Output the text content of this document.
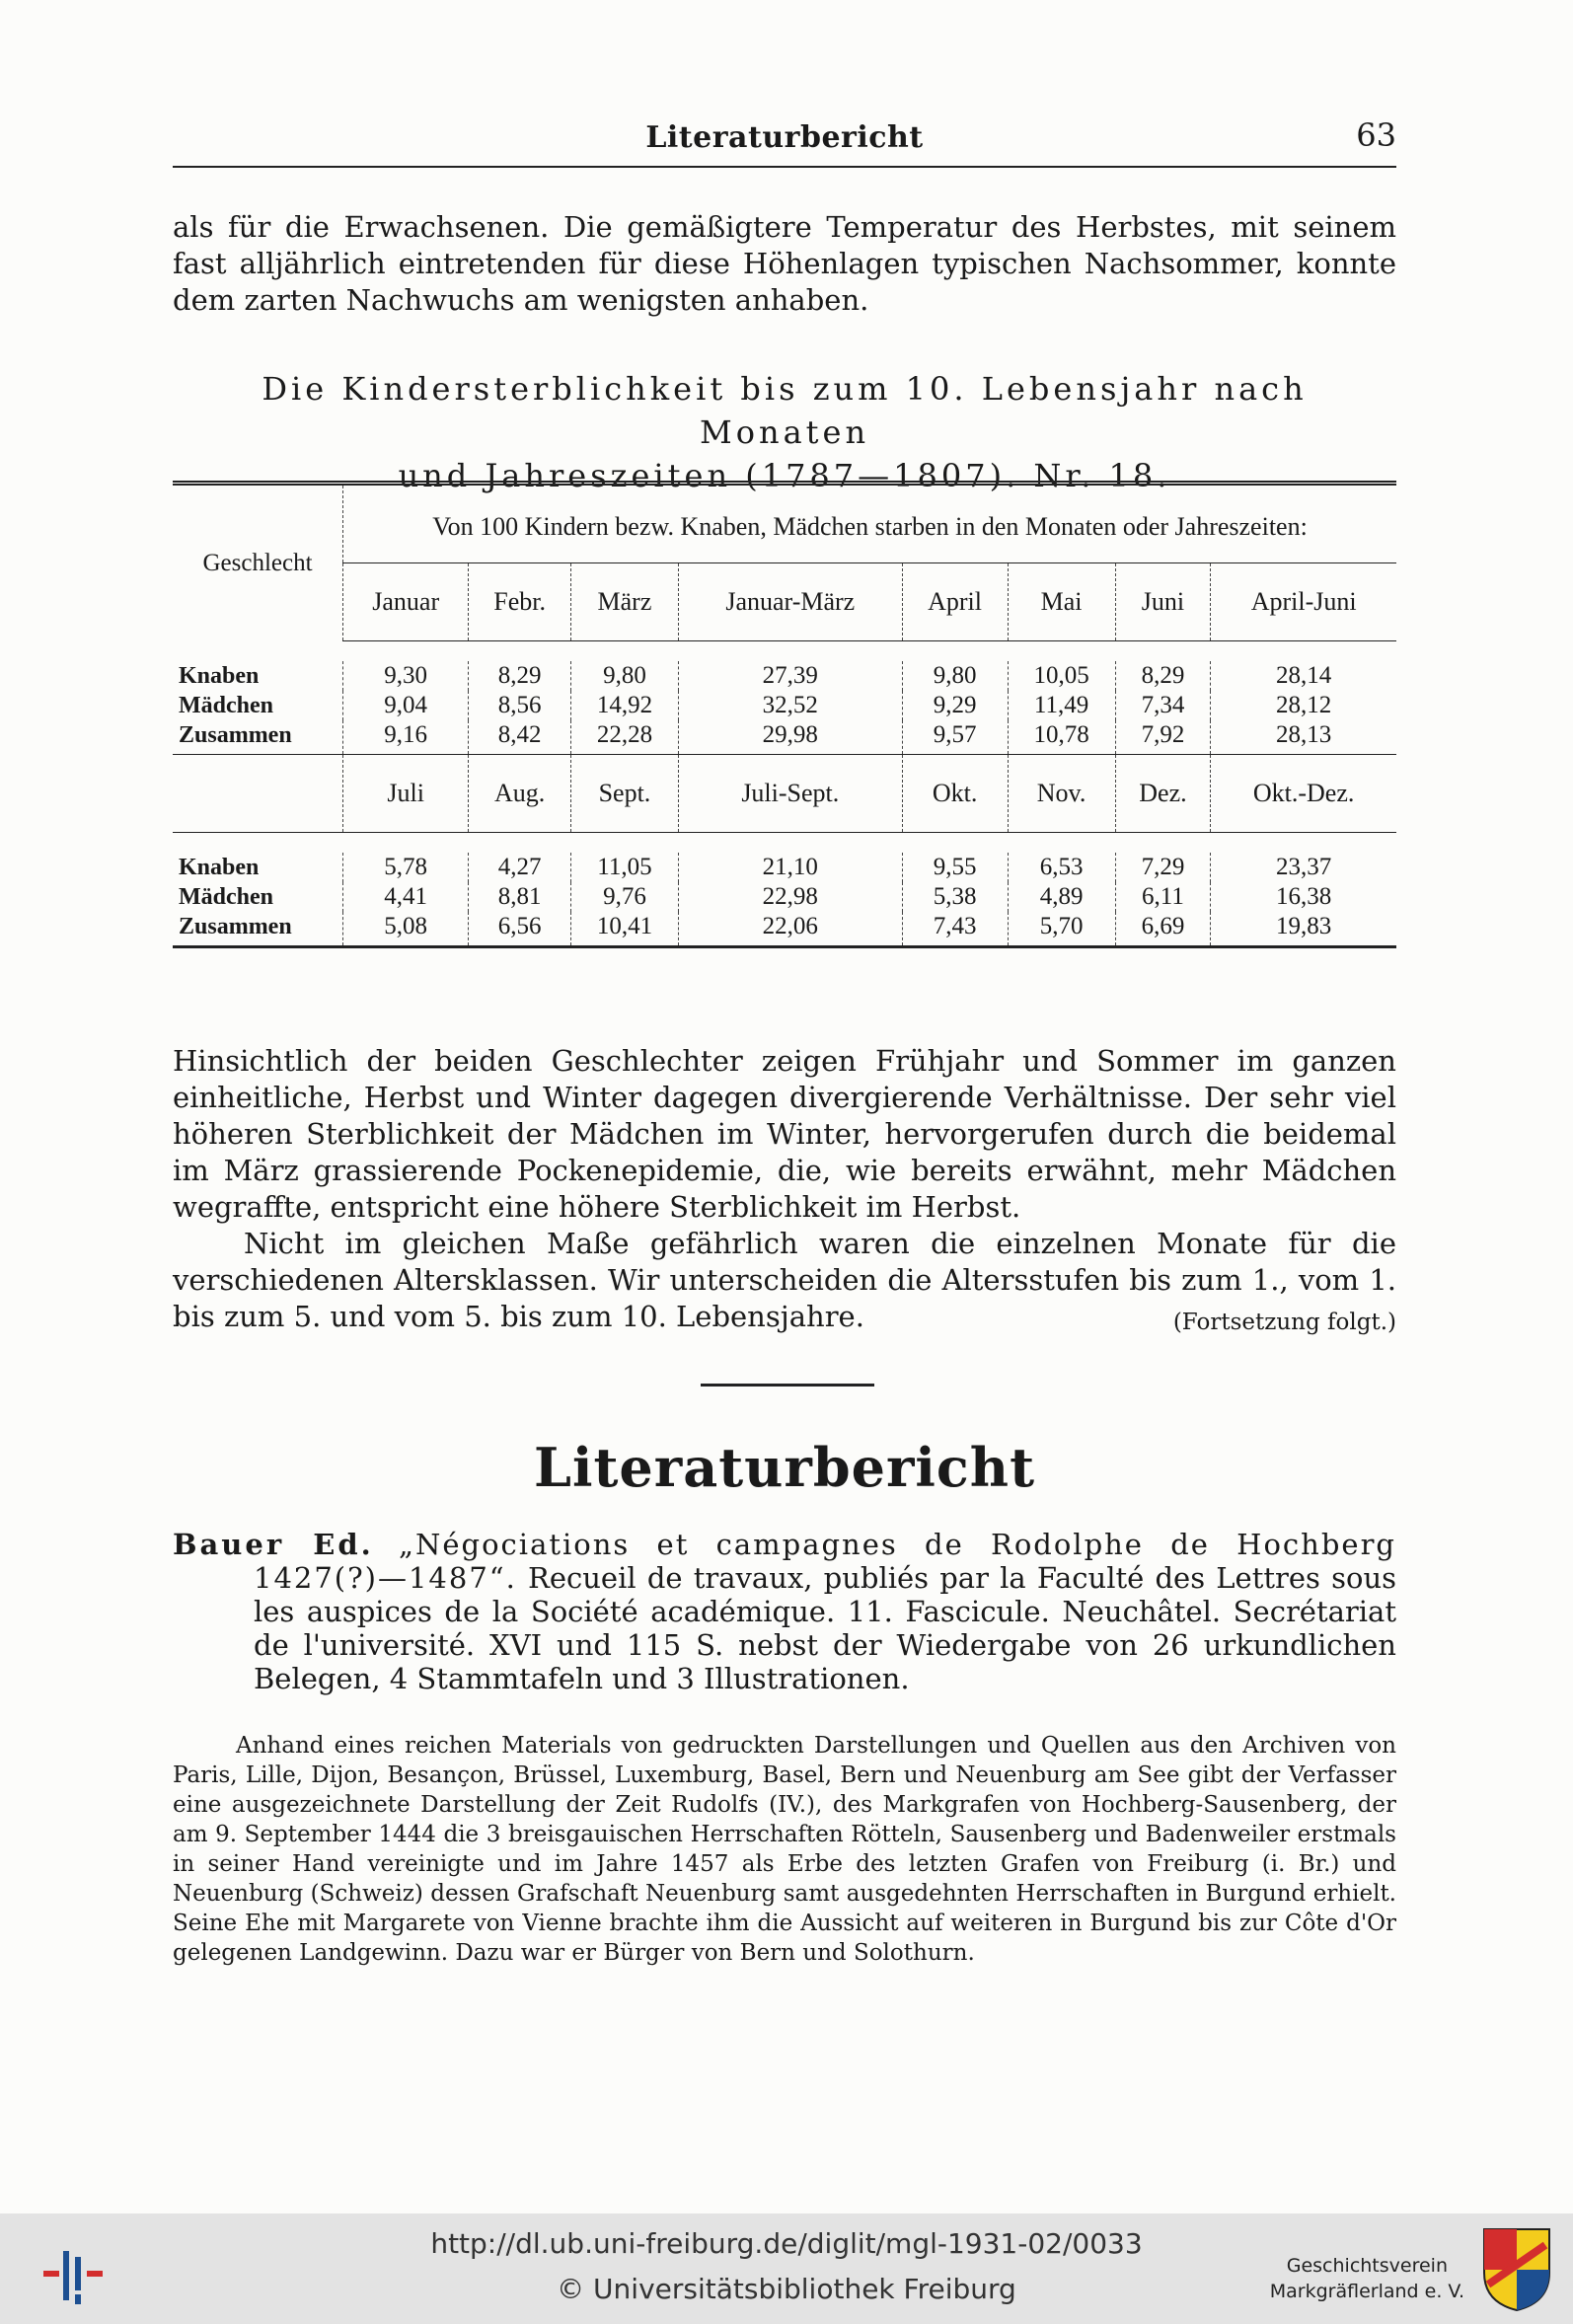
Literaturbericht	63
als für die Erwachsenen. Die gemäßigtere Temperatur des Herbstes, mit seinem fast alljährlich eintretenden für diese Höhenlagen typischen Nachsommer, konnte dem zarten Nachwuchs am wenigsten anhaben.
Die Kindersterblichkeit bis zum 10. Lebensjahr nach Monaten
und Jahreszeiten (1787—1807). Nr. 18.
Geschlecht	Von 100 Kindern bezw. Knaben, Mädchen starben in den Monaten oder Jahreszeiten:							
	Januar	Febr.	März	Januar-März	April	Mai	Juni	April-Juni

Knaben	9,30	8,29	9,80	27,39	9,80	10,05	8,29	28,14
Mädchen	9,04	8,56	14,92	32,52	9,29	11,49	7,34	28,12
Zusammen	9,16	8,42	22,28	29,98	9,57	10,78	7,92	28,13
	Juli	Aug.	Sept.	Juli-Sept.	Okt.	Nov.	Dez.	Okt.-Dez.

Knaben	5,78	4,27	11,05	21,10	9,55	6,53	7,29	23,37
Mädchen	4,41	8,81	9,76	22,98	5,38	4,89	6,11	16,38
Zusammen	5,08	6,56	10,41	22,06	7,43	5,70	6,69	19,83
Hinsichtlich der beiden Geschlechter zeigen Frühjahr und Sommer im ganzen einheitliche, Herbst und Winter dagegen divergierende Verhältnisse. Der sehr viel höheren Sterblichkeit der Mädchen im Winter, hervorgerufen durch die beidemal im März grassierende Pockenepidemie, die, wie bereits erwähnt, mehr Mädchen wegraffte, entspricht eine höhere Sterblichkeit im Herbst.
Nicht im gleichen Maße gefährlich waren die einzelnen Monate für die verschiedenen Altersklassen. Wir unterscheiden die Altersstufen bis zum 1., vom 1. bis zum 5. und vom 5. bis zum 10. Lebensjahre.	(Fortsetzung folgt.)
Literaturbericht
Bauer Ed. „Négociations et campagnes de Rodolphe de Hochberg 1427(?)—1487“. Recueil de travaux, publiés par la Faculté des Lettres sous les auspices de la Société académique. 11. Fascicule. Neuchâtel. Secrétariat de l'université. XVI und 115 S. nebst der Wiedergabe von 26 urkundlichen Belegen, 4 Stammtafeln und 3 Illustrationen.
Anhand eines reichen Materials von gedruckten Darstellungen und Quellen aus den Archiven von Paris, Lille, Dijon, Besançon, Brüssel, Luxemburg, Basel, Bern und Neuenburg am See gibt der Verfasser eine ausgezeichnete Darstellung der Zeit Rudolfs (IV.), des Markgrafen von Hochberg-Sausenberg, der am 9. September 1444 die 3 breisgauischen Herrschaften Rötteln, Sausenberg und Badenweiler erstmals in seiner Hand vereinigte und im Jahre 1457 als Erbe des letzten Grafen von Freiburg (i. Br.) und Neuenburg (Schweiz) dessen Grafschaft Neuenburg samt ausgedehnten Herrschaften in Burgund erhielt. Seine Ehe mit Margarete von Vienne brachte ihm die Aussicht auf weiteren in Burgund bis zur Côte d'Or gelegenen Landgewinn. Dazu war er Bürger von Bern und Solothurn.
http://dl.ub.uni-freiburg.de/diglit/mgl-1931-02/0033
© Universitätsbibliothek Freiburg
Geschichtsverein
Markgräflerland e. V.
